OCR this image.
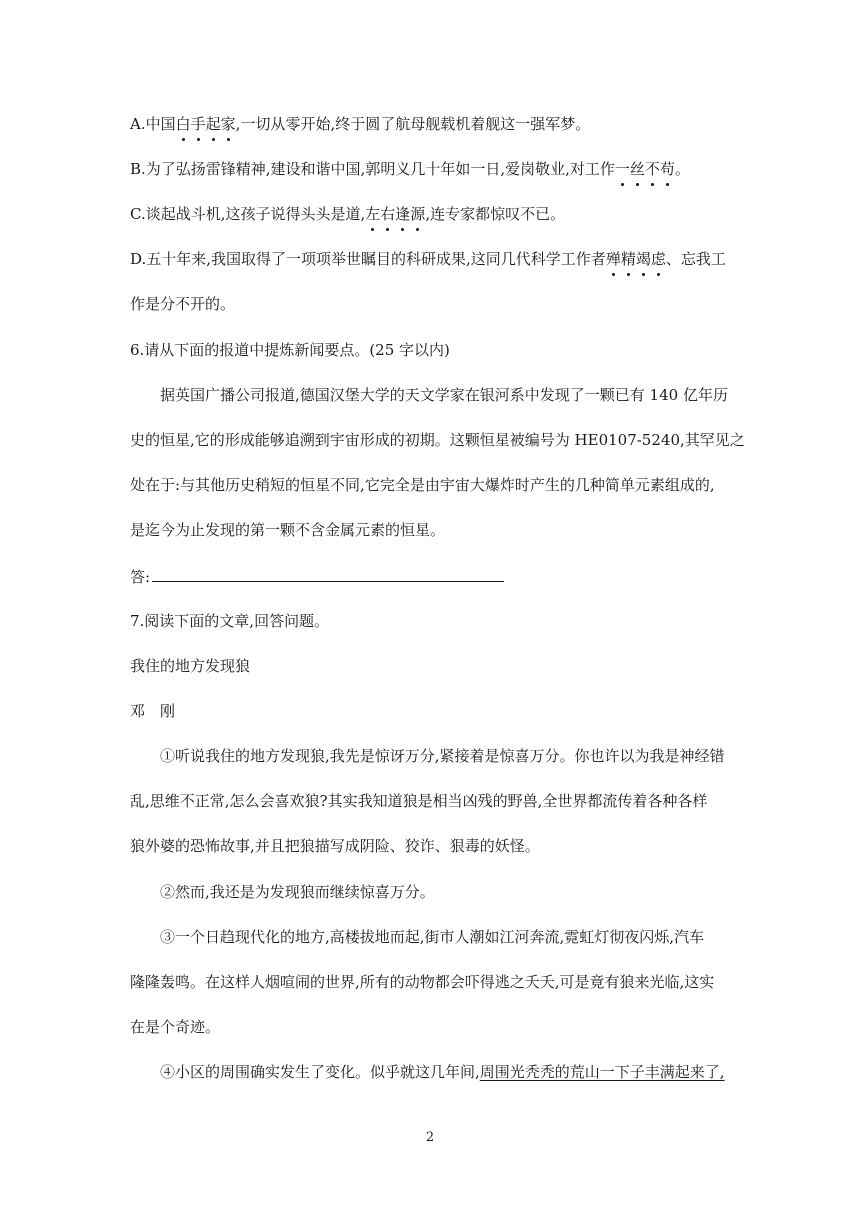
A.中国白手起家,一切从零开始,终于圆了航母舰载机着舰这一强军梦。
B.为了弘扬雷锋精神,建设和谐中国,郭明义几十年如一日,爱岗敬业,对工作一丝不苟。
C.谈起战斗机,这孩子说得头头是道,左右逢源,连专家都惊叹不已。
D.五十年来,我国取得了一项项举世瞩目的科研成果,这同几代科学工作者殚精竭虑、忘我工
作是分不开的。
6.请从下面的报道中提炼新闻要点。(25 字以内)
据英国广播公司报道,德国汉堡大学的天文学家在银河系中发现了一颗已有 140 亿年历
史的恒星,它的形成能够追溯到宇宙形成的初期。这颗恒星被编号为 HE0107-5240,其罕见之
处在于:与其他历史稍短的恒星不同,它完全是由宇宙大爆炸时产生的几种简单元素组成的,
是迄今为止发现的第一颗不含金属元素的恒星。
答:
7.阅读下面的文章,回答问题。
我住的地方发现狼
邓　刚
①听说我住的地方发现狼,我先是惊讶万分,紧接着是惊喜万分。你也许以为我是神经错
乱,思维不正常,怎么会喜欢狼?其实我知道狼是相当凶残的野兽,全世界都流传着各种各样
狼外婆的恐怖故事,并且把狼描写成阴险、狡诈、狠毒的妖怪。
②然而,我还是为发现狼而继续惊喜万分。
③一个日趋现代化的地方,高楼拔地而起,街市人潮如江河奔流,霓虹灯彻夜闪烁,汽车
隆隆轰鸣。在这样人烟喧闹的世界,所有的动物都会吓得逃之夭夭,可是竟有狼来光临,这实
在是个奇迹。
④小区的周围确实发生了变化。似乎就这几年间,周围光秃秃的荒山一下子丰满起来了,
2
